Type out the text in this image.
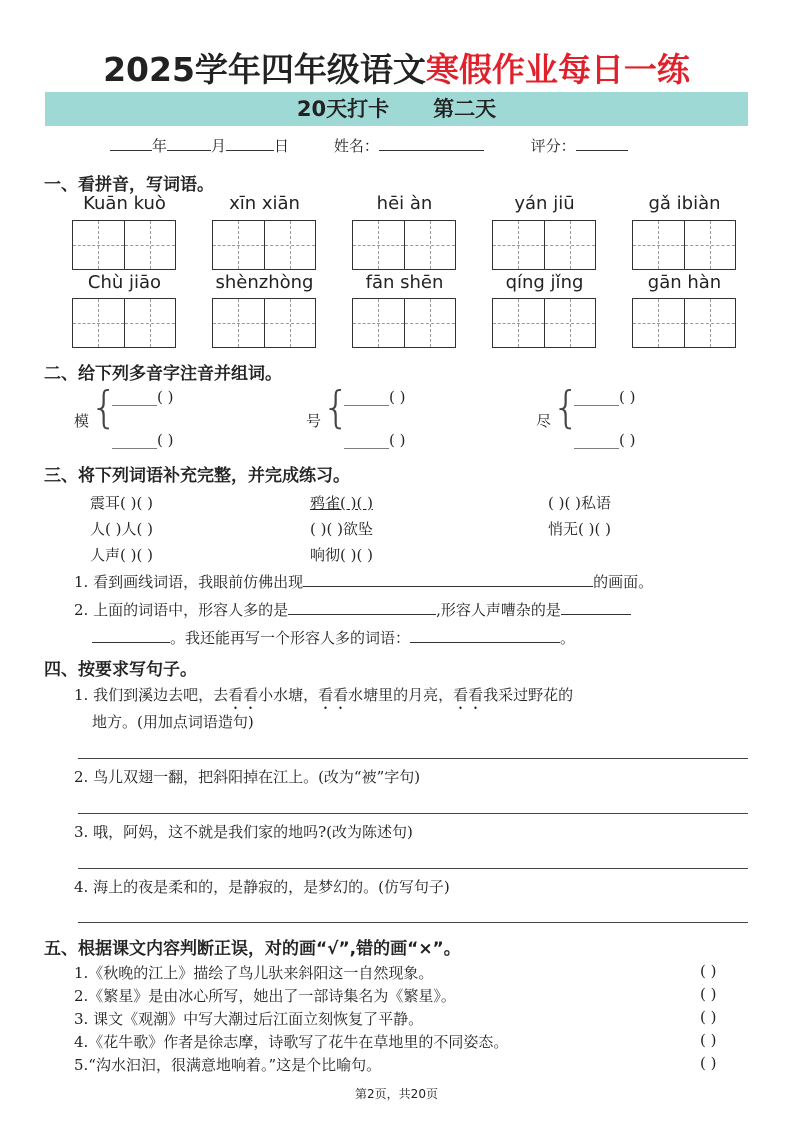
2025学年四年级语文寒假作业每日一练
20天打卡 第二天
年	月	日	姓名：	评分：
一、看拼音，写词语。
二、给下列多音字注音并组词。
三、将下列词语补充完整，并完成练习。
1. 看到画线词语，我眼前仿佛出现	的画面。
2. 上面的词语中，形容人多的是	,形容人声嘈杂的是
。我还能再写一个形容人多的词语：	。
四、按要求写句子。
1. 我们到溪边去吧，去看看小水塘，看看水塘里的月亮，看看我采过野花的
地方。(用加点词语造句)
2. 鸟儿双翅一翻，把斜阳掉在江上。(改为“被”字句)
3. 哦，阿妈，这不就是我们家的地吗?(改为陈述句)
4. 海上的夜是柔和的，是静寂的，是梦幻的。(仿写句子)
五、根据课文内容判断正误，对的画“√”,错的画“×”。
第2页，共20页
Kuān kuò	xīn xiān	hēi àn	yán jiū	gǎ ibiàn
Chù jiāo	shènzhòng	fān shēn	qíng jǐng	gān hàn
模 {
______( )
______( )
号 {
______( )
______( )
尽 {
______( )
______( )
震耳( )( )	鸦雀( )( )	( )( )私语
人( )人( )	( )( )欲坠	悄无( )( )
人声( )( )	响彻( )( )
1.《秋晚的江上》描绘了鸟儿驮来斜阳这一自然现象。	( )
2.《繁星》是由冰心所写，她出了一部诗集名为《繁星》。	( )
3. 课文《观潮》中写大潮过后江面立刻恢复了平静。	( )
4.《花牛歌》作者是徐志摩，诗歌写了花牛在草地里的不同姿态。	( )
5.“沟水汩汩，很满意地响着。”这是个比喻句。	( )
